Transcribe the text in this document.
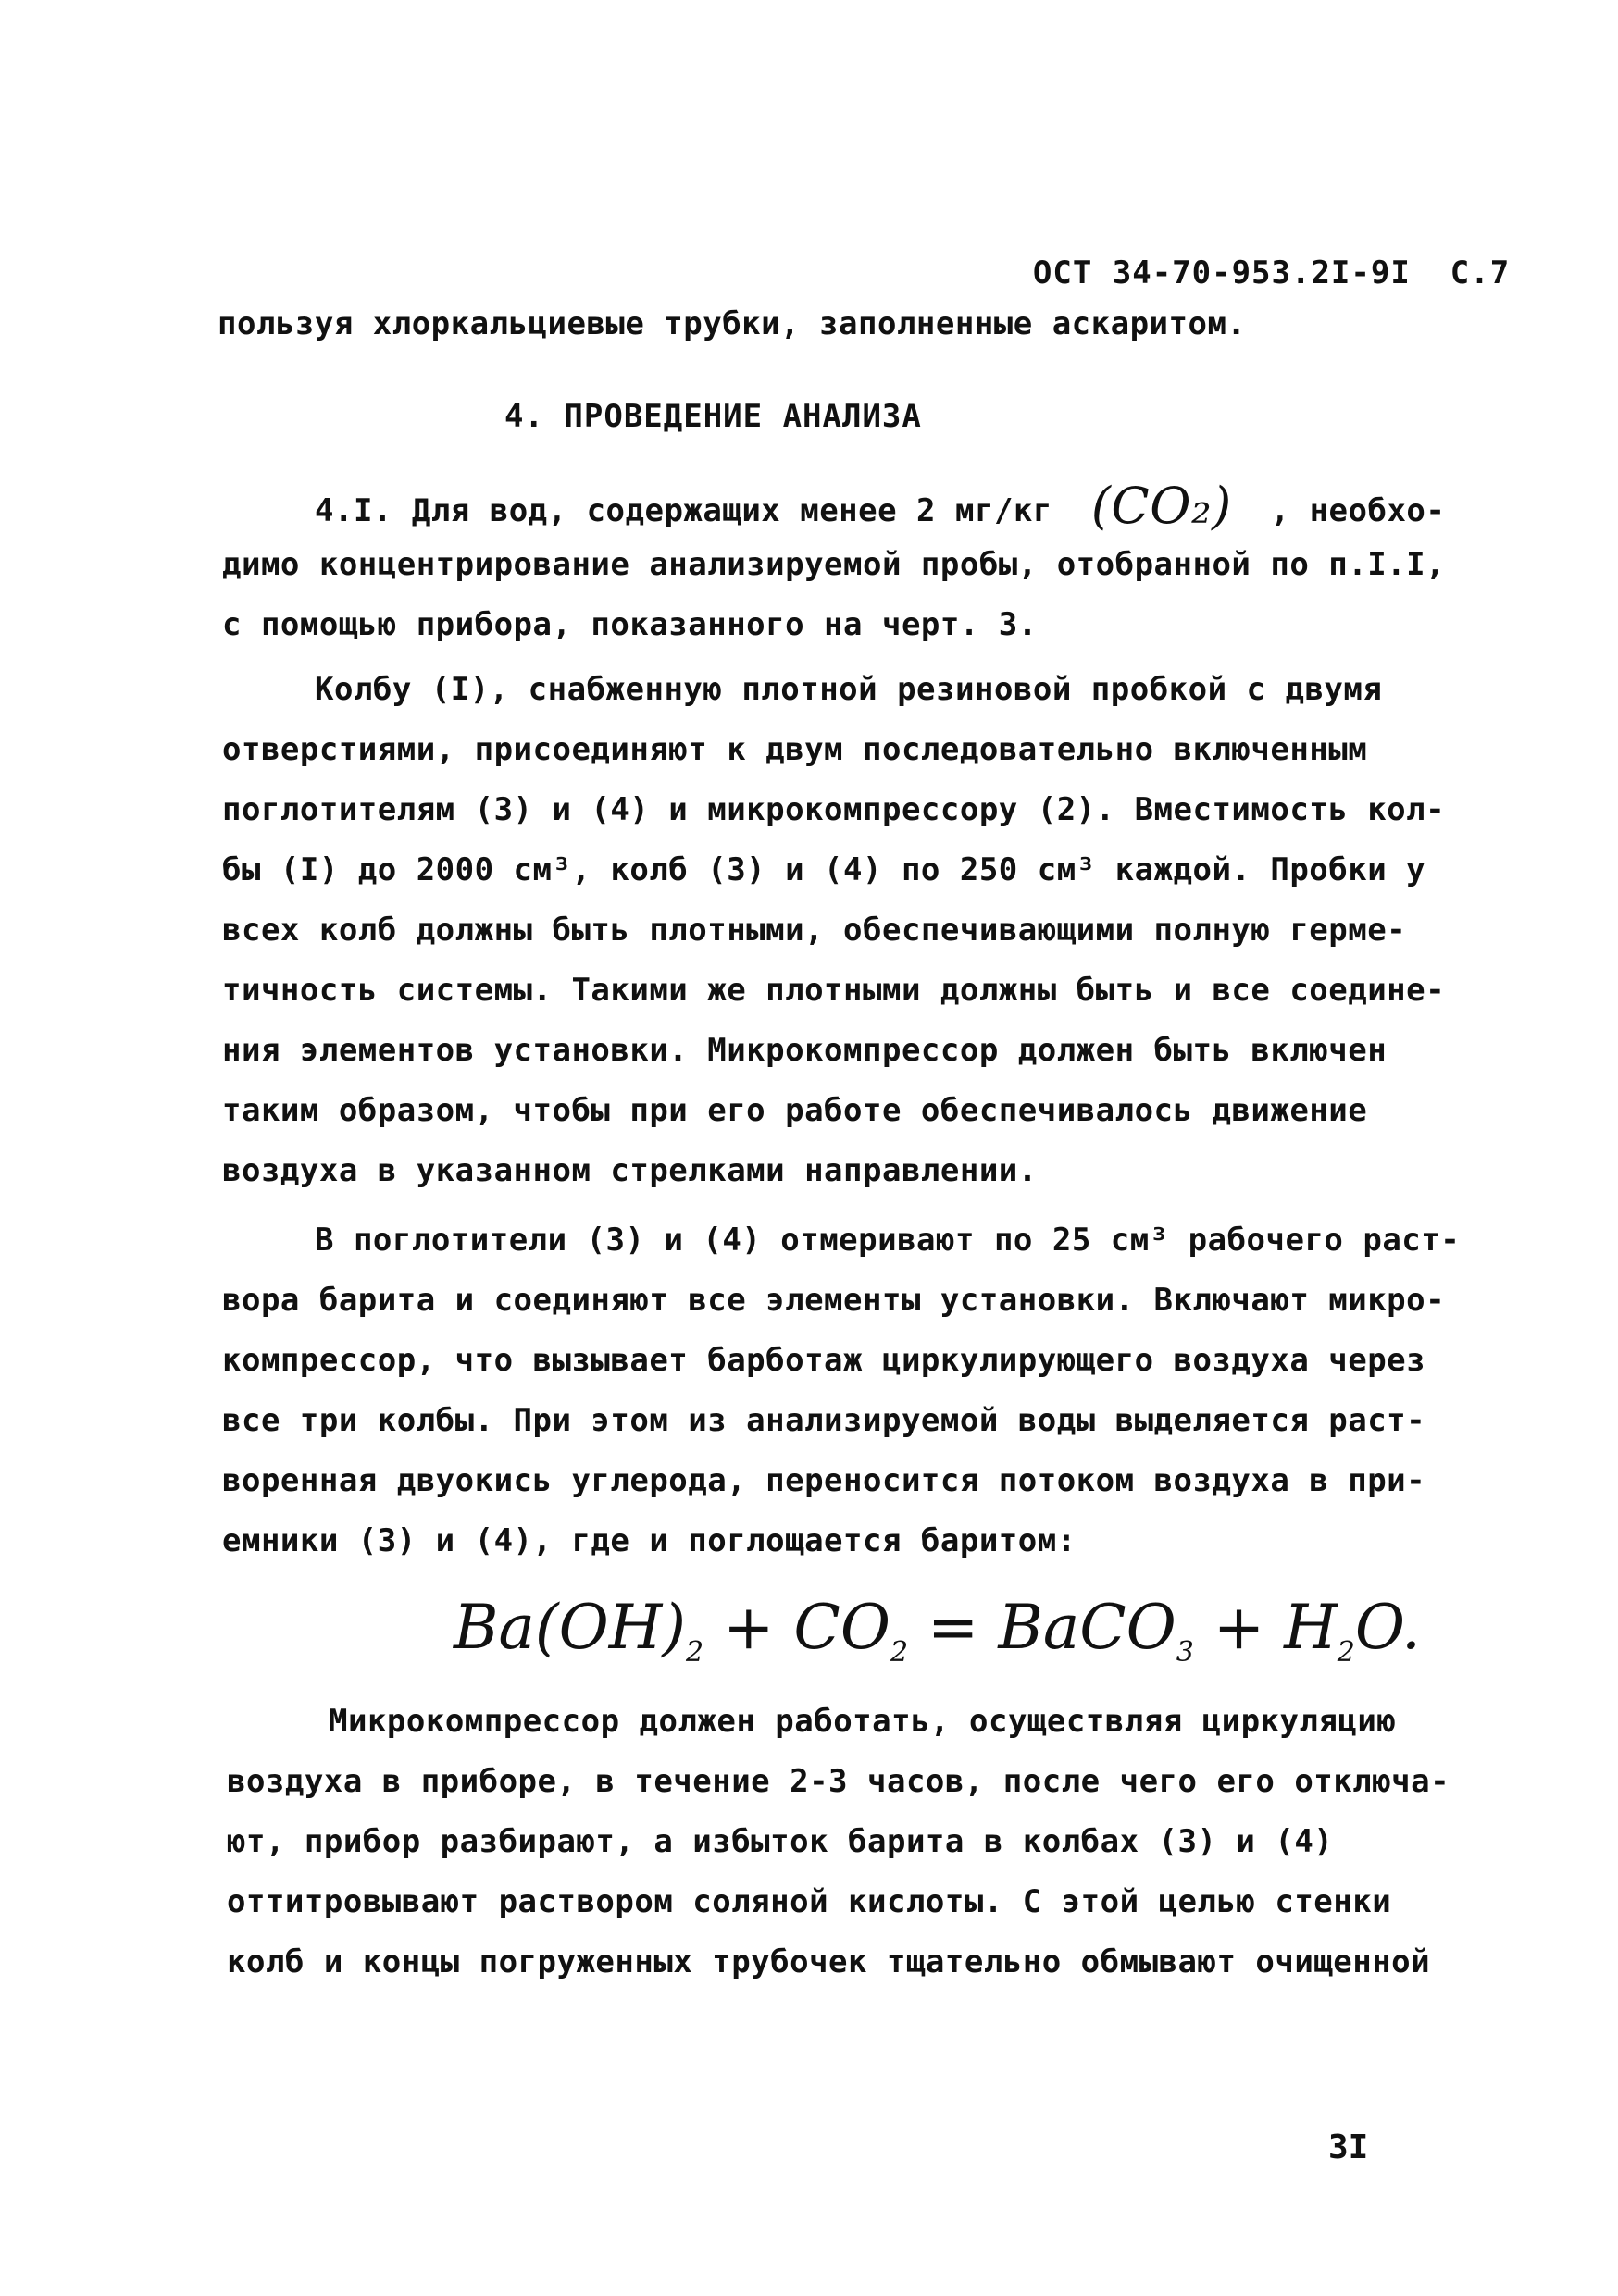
ОСТ 34-70-953.2I-9I С.7

пользуя хлоркальциевые трубки, заполненные аскаритом.
4. ПРОВЕДЕНИЕ АНАЛИЗА
4.I. Для вод, содержащих менее 2 мг/кг (CO₂) , необхо-
димо концентрирование анализируемой пробы, отобранной по п.I.I,
с помощью прибора, показанного на черт. 3.
Колбу (I), снабженную плотной резиновой пробкой с двумя
отверстиями, присоединяют к двум последовательно включенным
поглотителям (3) и (4) и микрокомпрессору (2). Вместимость кол-
бы (I) до 2000 см³, колб (3) и (4) по 250 см³ каждой. Пробки у
всех колб должны быть плотными, обеспечивающими полную герме-
тичность системы. Такими же плотными должны быть и все соедине-
ния элементов установки. Микрокомпрессор должен быть включен
таким образом, чтобы при его работе обеспечивалось движение
воздуха в указанном стрелками направлении.
В поглотители (3) и (4) отмеривают по 25 см³ рабочего раст-
вора барита и соединяют все элементы установки. Включают микро-
компрессор, что вызывает барботаж циркулирующего воздуха через
все три колбы. При этом из анализируемой воды выделяется раст-
воренная двуокись углерода, переносится потоком воздуха в при-
емники (3) и (4), где и поглощается баритом:
$Ba(OH)_2 + CO_2$ = BaCO$_3$ + $H_2O$.
Микрокомпрессор должен работать, осуществляя циркуляцию
воздуха в приборе, в течение 2-3 часов, после чего его отключа-
ют, прибор разбирают, а избыток барита в колбах (3) и (4)
оттитровывают раствором соляной кислоты. С этой целью стенки
колб и концы погруженных трубочек тщательно обмывают очищенной
3I
